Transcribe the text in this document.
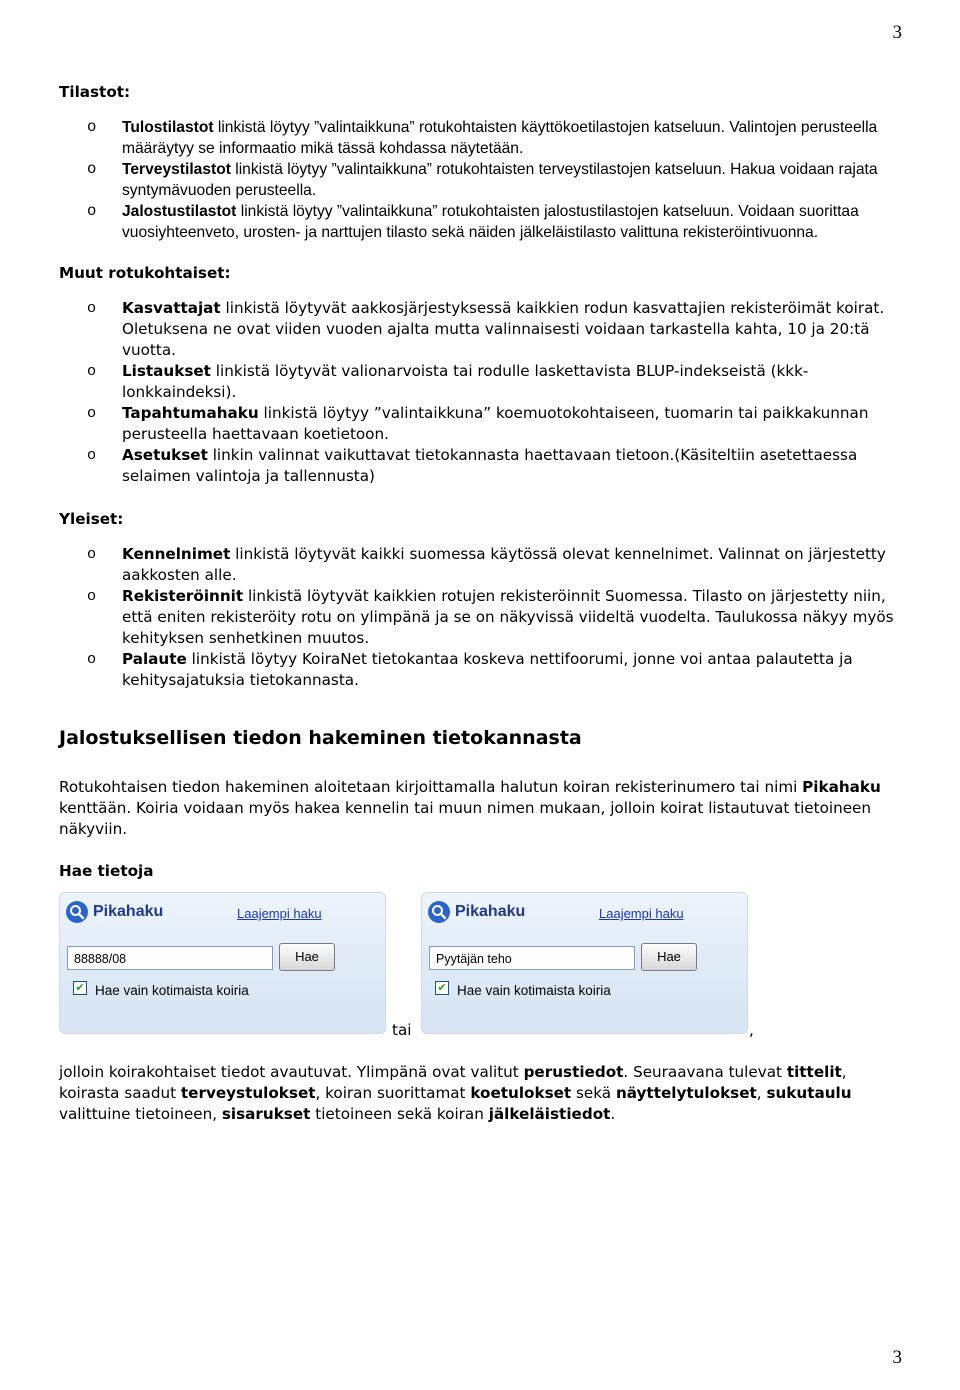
3

Tilastot:

o Tulostilastot linkistä löytyy ”valintaikkuna” rotukohtaisten käyttökoetilastojen katseluun. Valintojen perusteella määräytyy se informaatio mikä tässä kohdassa näytetään.
o Terveystilastot linkistä löytyy ”valintaikkuna” rotukohtaisten terveystilastojen katseluun. Hakua voidaan rajata syntymävuoden perusteella.
o Jalostustilastot linkistä löytyy ”valintaikkuna” rotukohtaisten jalostustilastojen katseluun. Voidaan suorittaa vuosiyhteenveto, urosten- ja narttujen tilasto sekä näiden jälkeläistilasto valittuna rekisteröintivuonna.

Muut rotukohtaiset:

o Kasvattajat linkistä löytyvät aakkosjärjestyksessä kaikkien rodun kasvattajien rekisteröimät koirat. Oletuksena ne ovat viiden vuoden ajalta mutta valinnaisesti voidaan tarkastella kahta, 10 ja 20:tä vuotta.
o Listaukset linkistä löytyvät valionarvoista tai rodulle laskettavista BLUP-indekseistä (kkk-lonkkaindeksi).
o Tapahtumahaku linkistä löytyy ”valintaikkuna” koemuotokohtaiseen, tuomarin tai paikkakunnan perusteella haettavaan koetietoon.
o Asetukset linkin valinnat vaikuttavat tietokannasta haettavaan tietoon.(Käsiteltiin asetettaessa selaimen valintoja ja tallennusta)

Yleiset:

o Kennelnimet linkistä löytyvät kaikki suomessa käytössä olevat kennelnimet. Valinnat on järjestetty aakkosten alle.
o Rekisteröinnit linkistä löytyvät kaikkien rotujen rekisteröinnit Suomessa. Tilasto on järjestetty niin, että eniten rekisteröity rotu on ylimpänä ja se on näkyvissä viideltä vuodelta. Taulukossa näkyy myös kehityksen senhetkinen muutos.
o Palaute linkistä löytyy KoiraNet tietokantaa koskeva nettifoorumi, jonne voi antaa palautetta ja kehitysajatuksia tietokannasta.
Jalostuksellisen tiedon hakeminen tietokannasta

Rotukohtaisen tiedon hakeminen aloitetaan kirjoittamalla halutun koiran rekisterinumero tai nimi Pikahaku kenttään. Koiria voidaan myös hakea kennelin tai muun nimen mukaan, jolloin koirat listautuvat tietoineen näkyviin.

Hae tietoja

Pikahaku	Laajempi haku
88888/08	Hae
✔ Hae vain kotimaista koiria
tai
Pikahaku	Laajempi haku
Pyytäjän teho	Hae
✔ Hae vain kotimaista koiria
,

jolloin koirakohtaiset tiedot avautuvat. Ylimpänä ovat valitut perustiedot. Seuraavana tulevat tittelit, koirasta saadut terveystulokset, koiran suorittamat koetulokset sekä näyttelytulokset, sukutaulu valittuine tietoineen, sisarukset tietoineen sekä koiran jälkeläistiedot.

3
